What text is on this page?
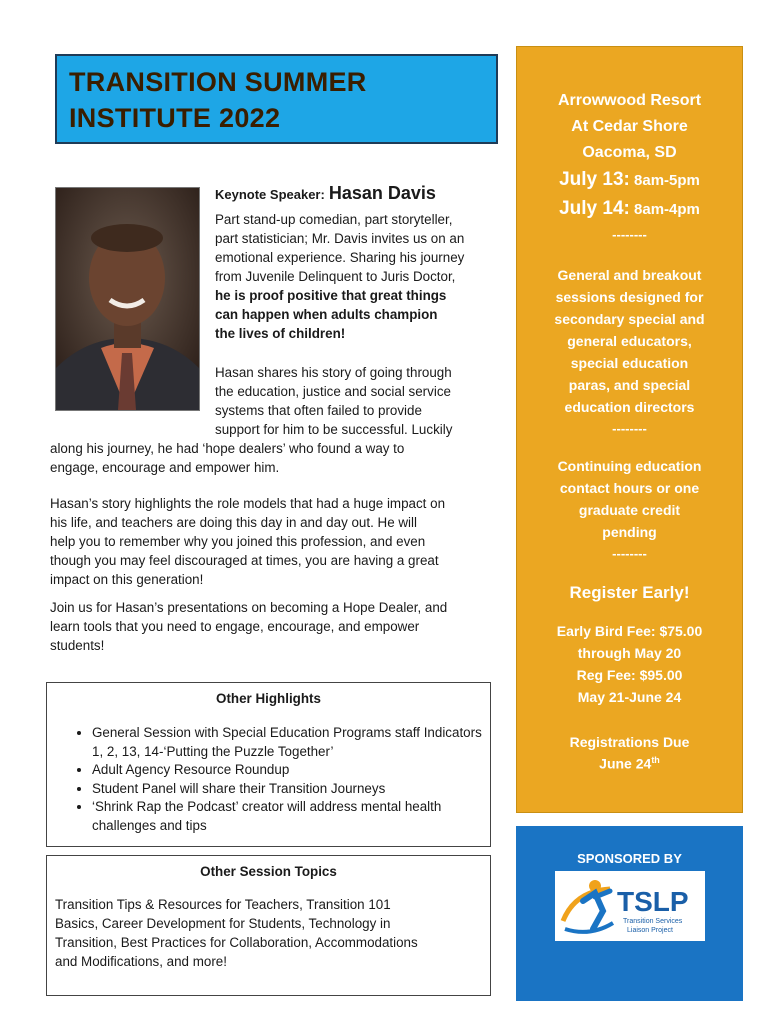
TRANSITION SUMMER
INSTITUTE 2022
Keynote Speaker: Hasan Davis
Part stand-up comedian, part storyteller,
part statistician; Mr. Davis invites us on an
emotional experience. Sharing his journey
from Juvenile Delinquent to Juris Doctor,
he is proof positive that great things
can happen when adults champion
the lives of children!
Hasan shares his story of going through
the education, justice and social service
systems that often failed to provide
support for him to be successful. Luckily
along his journey, he had ‘hope dealers’ who found a way to
engage, encourage and empower him.
Hasan’s story highlights the role models that had a huge impact on
his life, and teachers are doing this day in and day out. He will
help you to remember why you joined this profession, and even
though you may feel discouraged at times, you are having a great
impact on this generation!
Join us for Hasan’s presentations on becoming a Hope Dealer, and
learn tools that you need to engage, encourage, and empower
students!
Other Highlights
• General Session with Special Education Programs staff Indicators 1, 2, 13, 14-‘Putting the Puzzle Together’
• Adult Agency Resource Roundup
• Student Panel will share their Transition Journeys
• ‘Shrink Rap the Podcast’ creator will address mental health challenges and tips
Other Session Topics
Transition Tips & Resources for Teachers, Transition 101
Basics, Career Development for Students, Technology in
Transition, Best Practices for Collaboration, Accommodations
and Modifications, and more!
Arrowwood Resort
At Cedar Shore
Oacoma, SD
July 13: 8am-5pm
July 14: 8am-4pm
--------
General and breakout
sessions designed for
secondary special and
general educators,
special education
paras, and special
education directors
--------
Continuing education
contact hours or one
graduate credit
pending
--------
Register Early!
Early Bird Fee: $75.00
through May 20
Reg Fee: $95.00
May 21-June 24
Registrations Due
June 24th
SPONSORED BY
TSLP
Transition Services
Liaison Project
